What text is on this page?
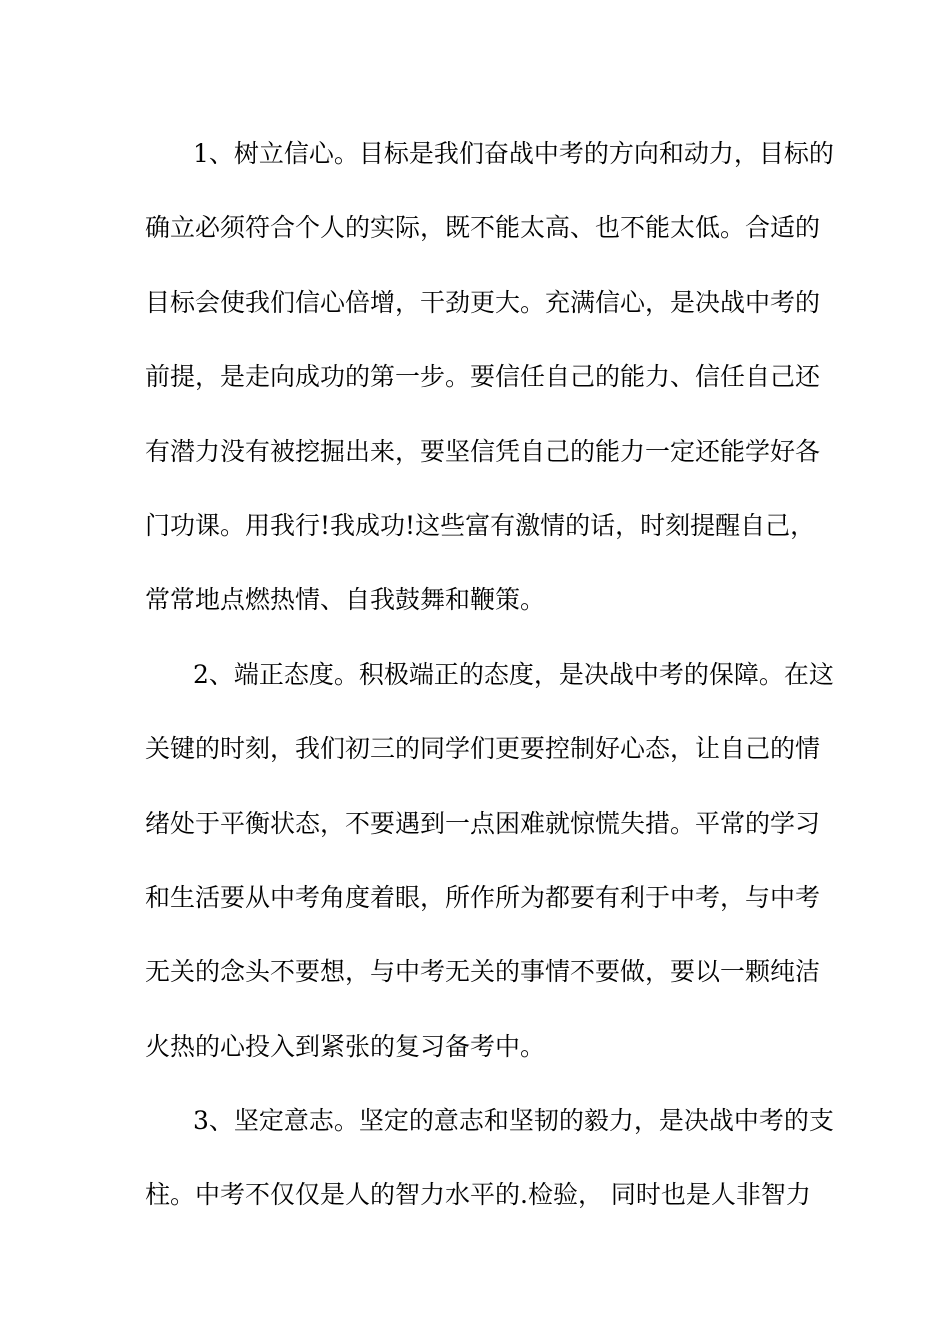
1、树立信心。目标是我们奋战中考的方向和动力，目标的
确立必须符合个人的实际，既不能太高、也不能太低。合适的
目标会使我们信心倍增，干劲更大。充满信心，是决战中考的
前提，是走向成功的第一步。要信任自己的能力、信任自己还
有潜力没有被挖掘出来，要坚信凭自己的能力一定还能学好各
门功课。用我行!我成功!这些富有激情的话，时刻提醒自己，
常常地点燃热情、自我鼓舞和鞭策。
2、端正态度。积极端正的态度，是决战中考的保障。在这
关键的时刻，我们初三的同学们更要控制好心态，让自己的情
绪处于平衡状态，不要遇到一点困难就惊慌失措。平常的学习
和生活要从中考角度着眼，所作所为都要有利于中考，与中考
无关的念头不要想，与中考无关的事情不要做，要以一颗纯洁
火热的心投入到紧张的复习备考中。
3、坚定意志。坚定的意志和坚韧的毅力，是决战中考的支
柱。中考不仅仅是人的智力水平的.检验， 同时也是人非智力
